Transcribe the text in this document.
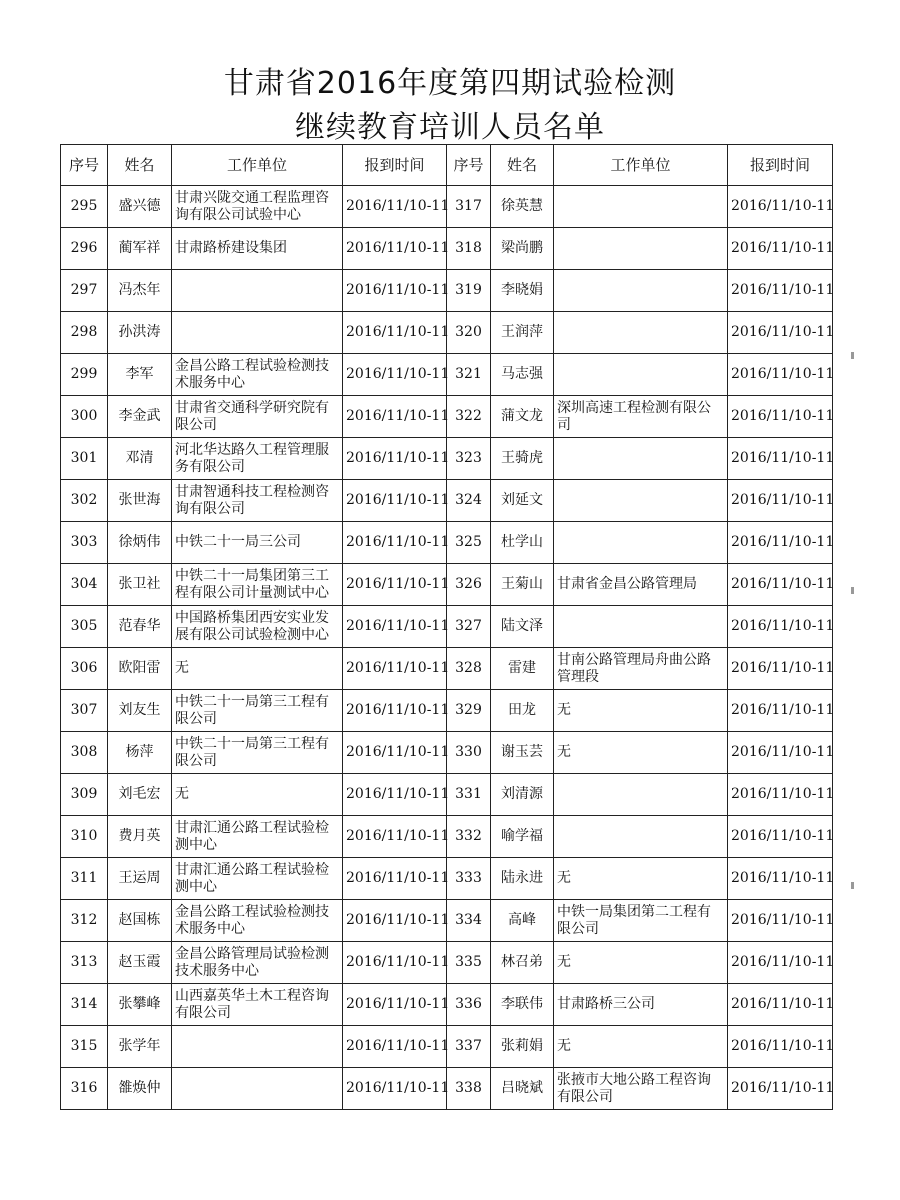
甘肃省2016年度第四期试验检测
继续教育培训人员名单
序号	姓名	工作单位	报到时间	序号	姓名	工作单位	报到时间
295	盛兴德	甘肃兴陇交通工程监理咨询有限公司试验中心	2016/11/10-11	317	徐英慧		2016/11/10-11
296	蔺军祥	甘肃路桥建设集团	2016/11/10-11	318	梁尚鹏		2016/11/10-11
297	冯杰年		2016/11/10-11	319	李晓娟		2016/11/10-11
298	孙洪涛		2016/11/10-11	320	王润萍		2016/11/10-11
299	李军	金昌公路工程试验检测技术服务中心	2016/11/10-11	321	马志强		2016/11/10-11
300	李金武	甘肃省交通科学研究院有限公司	2016/11/10-11	322	蒲文龙	深圳高速工程检测有限公司	2016/11/10-11
301	邓清	河北华达路久工程管理服务有限公司	2016/11/10-11	323	王骑虎		2016/11/10-11
302	张世海	甘肃智通科技工程检测咨询有限公司	2016/11/10-11	324	刘延文		2016/11/10-11
303	徐炳伟	中铁二十一局三公司	2016/11/10-11	325	杜学山		2016/11/10-11
304	张卫社	中铁二十一局集团第三工程有限公司计量测试中心	2016/11/10-11	326	王菊山	甘肃省金昌公路管理局	2016/11/10-11
305	范春华	中国路桥集团西安实业发展有限公司试验检测中心	2016/11/10-11	327	陆文泽		2016/11/10-11
306	欧阳雷	无	2016/11/10-11	328	雷建	甘南公路管理局舟曲公路管理段	2016/11/10-11
307	刘友生	中铁二十一局第三工程有限公司	2016/11/10-11	329	田龙	无	2016/11/10-11
308	杨萍	中铁二十一局第三工程有限公司	2016/11/10-11	330	谢玉芸	无	2016/11/10-11
309	刘毛宏	无	2016/11/10-11	331	刘清源		2016/11/10-11
310	费月英	甘肃汇通公路工程试验检测中心	2016/11/10-11	332	喻学福		2016/11/10-11
311	王运周	甘肃汇通公路工程试验检测中心	2016/11/10-11	333	陆永进	无	2016/11/10-11
312	赵国栋	金昌公路工程试验检测技术服务中心	2016/11/10-11	334	高峰	中铁一局集团第二工程有限公司	2016/11/10-11
313	赵玉霞	金昌公路管理局试验检测技术服务中心	2016/11/10-11	335	林召弟	无	2016/11/10-11
314	张攀峰	山西嘉英华土木工程咨询有限公司	2016/11/10-11	336	李联伟	甘肃路桥三公司	2016/11/10-11
315	张学年		2016/11/10-11	337	张莉娟	无	2016/11/10-11
316	雒焕仲		2016/11/10-11	338	吕晓斌	张掖市大地公路工程咨询有限公司	2016/11/10-11
